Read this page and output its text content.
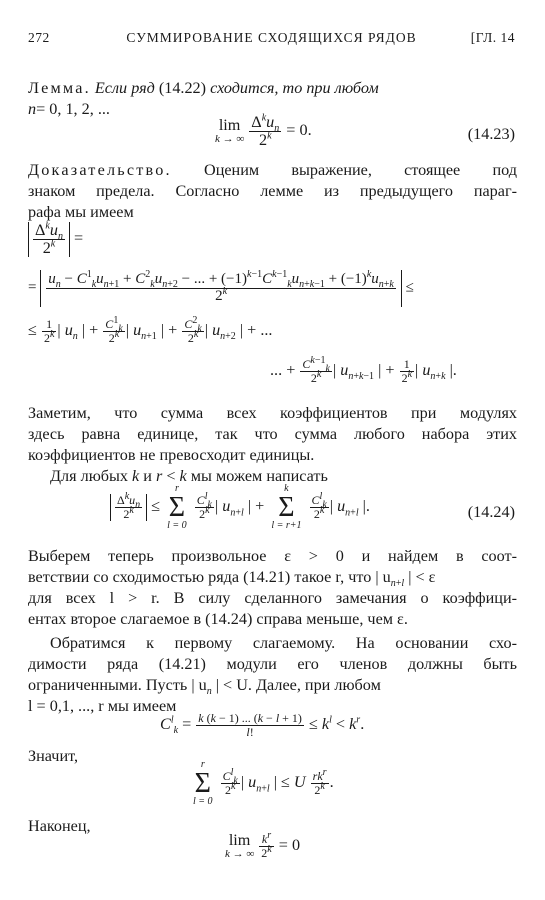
272	СУММИРОВАНИЕ СХОДЯЩИХСЯ РЯДОВ	[ГЛ. 14
Лемма. Если ряд (14.22) сходится, то при любом
n= 0, 1, 2, ...
lim
k → ∞
$\frac{\Delta^ku_n}{2^k} = 0$.	(14.23)
Доказательство. Оценим выражение, стоящее под
знаком предела. Согласно лемме из предыдущего параг-
рафа мы имеем
$\frac{\Delta^ku_n}{2^k}$ =
=
$u_n - C^1_ku_{n+1} + C^2_ku_{n+2}$ − ... + $(-1)^{k-1}C^{k-1}_ku_{n+k-1} + (-1)^ku_{n+k}$
$2^k$	≤
≤ $\frac{1}{2^k}$ | $u_n$ | + $\frac{C^1_k}{2^k}$ | $u_{n+1}$ | + $\frac{C^2_k}{2^k}$ | $u_{n+2}$ | + ...
... + $\frac{C^{k-1}_k}{2^k}$ | $u_{n+k-1}$ | + $\frac{1}{2^k}$ | $u_{n+k}$ |.
Заметим, что сумма всех коэффициентов при модулях
здесь равна единице, так что сумма любого набора этих
коэффициентов не превосходит единицы.
Для любых k и r < k мы можем написать
$\frac{\Delta^ku_n}{2^k}$ ≤
r
Σ
l = 0

$\frac{C^l_k}{2^k}$ | $u_{n+l}$ | +
k
Σ
l = r+1

$\frac{C^l_k}{2^k}$ | $u_{n+l}$ |.	(14.24)
Выберем теперь произвольное ε > 0 и найдем в соот-
ветствии со сходимостью ряда (14.21) такое r, что | $u_{n+l}$ | < ε
для всех l > r. В силу сделанного замечания о коэффици-
ентах второе слагаемое в (14.24) справа меньше, чем ε.
Обратимся к первому слагаемому. На основании схо-
димости ряда (14.21) модули его членов должны быть
ограниченными. Пусть | $u_n$ | < U. Далее, при любом
l = 0,1, ..., r мы имеем
$C^l_k = \frac{k (k - 1) ... (k - l + 1)}{l!} \le k^l < k^r$.
Значит,	r
Σ
l = 0

$\frac{C^l_k}{2^k}$ | $u_{n+l}$ | ≤ U $\frac{rk^r}{2^k}$ .
Наконец,
lim
k → ∞
$\frac{k^r}{2^k} = 0$
